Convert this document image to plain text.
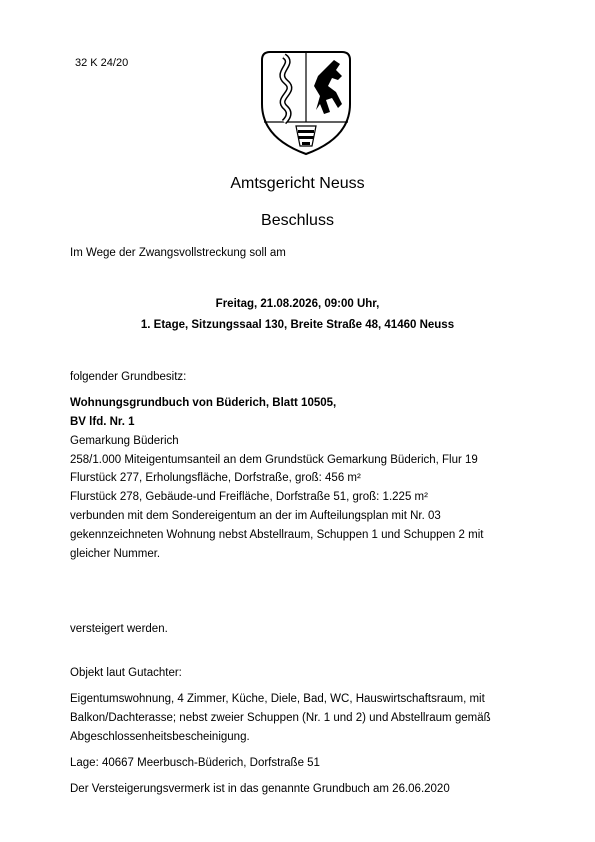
32 K 24/20
Amtsgericht Neuss
Beschluss
Im Wege der Zwangsvollstreckung soll am
Freitag, 21.08.2026, 09:00 Uhr,
1. Etage, Sitzungssaal 130, Breite Straße 48, 41460 Neuss
folgender Grundbesitz:
Wohnungsgrundbuch von Büderich, Blatt 10505,
BV lfd. Nr. 1
Gemarkung Büderich
258/1.000 Miteigentumsanteil an dem Grundstück Gemarkung Büderich, Flur 19
Flurstück 277, Erholungsfläche, Dorfstraße, groß: 456 m²
Flurstück 278, Gebäude-und Freifläche, Dorfstraße 51, groß: 1.225 m²
verbunden mit dem Sondereigentum an der im Aufteilungsplan mit Nr. 03
gekennzeichneten Wohnung nebst Abstellraum, Schuppen 1 und Schuppen 2 mit
gleicher Nummer.
versteigert werden.
Objekt laut Gutachter:
Eigentumswohnung, 4 Zimmer, Küche, Diele, Bad, WC, Hauswirtschaftsraum, mit
Balkon/Dachterasse; nebst zweier Schuppen (Nr. 1 und 2) und Abstellraum gemäß
Abgeschlossenheitsbescheinigung.
Lage: 40667 Meerbusch-Büderich, Dorfstraße 51
Der Versteigerungsvermerk ist in das genannte Grundbuch am 26.06.2020
